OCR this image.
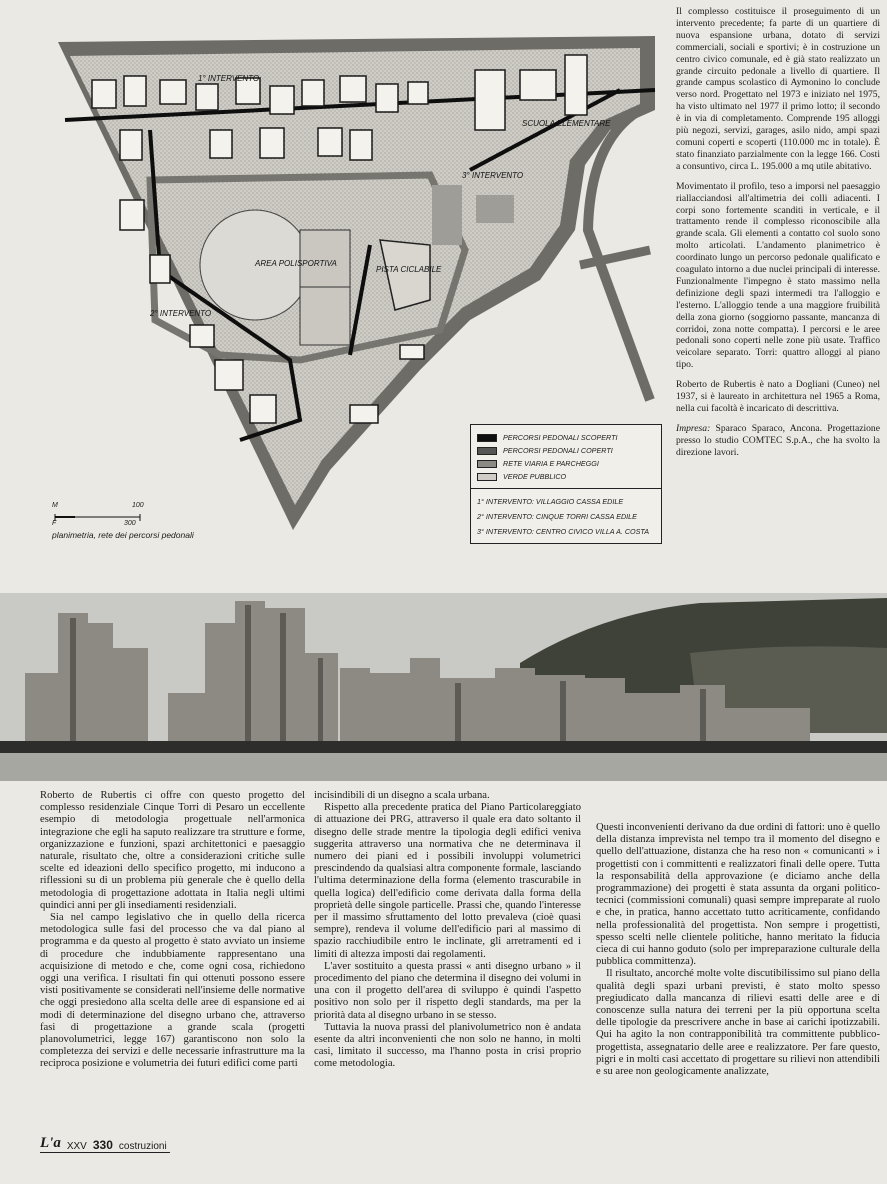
1° INTERVENTO
2° INTERVENTO
3° INTERVENTO
SCUOLA ELEMENTARE
AREA POLISPORTIVA
PISTA CICLABILE
PERCORSI PEDONALI SCOPERTI
PERCORSI PEDONALI COPERTI
RETE VIARIA E PARCHEGGI
VERDE PUBBLICO
1° INTERVENTO: VILLAGGIO CASSA EDILE
2° INTERVENTO: CINQUE TORRI CASSA EDILE
3° INTERVENTO: CENTRO CIVICO VILLA A. COSTA
M
F
100
300
planimetria, rete dei percorsi pedonali

Il complesso costituisce il proseguimento di un intervento precedente; fa parte di un quartiere di nuova espansione urbana, dotato di servizi commerciali, sociali e sportivi; è in costruzione un centro civico comunale, ed è già stato realizzato un grande circuito pedonale a livello di quartiere. Il grande campus scolastico di Aymonino lo conclude verso nord. Progettato nel 1973 e iniziato nel 1975, ha visto ultimato nel 1977 il primo lotto; il secondo è in via di completamento. Comprende 195 alloggi più negozi, servizi, garages, asilo nido, ampi spazi comuni coperti e scoperti (110.000 mc in totale). È stato finanziato parzialmente con la legge 166. Costi a consuntivo, circa L. 195.000 a mq utile abitativo.

Movimentato il profilo, teso a imporsi nel paesaggio riallacciandosi all'altimetria dei colli adiacenti. I corpi sono fortemente scanditi in verticale, e il trattamento rende il complesso riconoscibile alla grande scala. Gli elementi a contatto col suolo sono molto articolati. L'andamento planimetrico è coordinato lungo un percorso pedonale qualificato e coagulato intorno a due nuclei principali di interesse. Funzionalmente l'impegno è stato massimo nella definizione degli spazi intermedi tra l'alloggio e l'esterno. L'alloggio tende a una maggiore fruibilità della zona giorno (soggiorno passante, mancanza di corridoi, zona notte compatta). I percorsi e le aree pedonali sono coperti nelle zone più usate. Traffico veicolare separato. Torri: quattro alloggi al piano tipo.

Roberto de Rubertis è nato a Dogliani (Cuneo) nel 1937, si è laureato in architettura nel 1965 a Roma, nella cui facoltà è incaricato di descrittiva.

Impresa: Sparaco Sparaco, Ancona. Progettazione presso lo studio COMTEC S.p.A., che ha svolto la direzione lavori.

Roberto de Rubertis ci offre con questo progetto del complesso residenziale Cinque Torri di Pesaro un eccellente esempio di metodologia progettuale nell'armonica integrazione che egli ha saputo realizzare tra strutture e forme, organizzazione e funzioni, spazi architettonici e paesaggio naturale, risultato che, oltre a considerazioni critiche sulle scelte ed ideazioni dello specifico progetto, mi inducono a riflessioni su di un problema più generale che è quello della metodologia di progettazione adottata in Italia negli ultimi quindici anni per gli insediamenti residenziali.

Sia nel campo legislativo che in quello della ricerca metodologica sulle fasi del processo che va dal piano al programma e da questo al progetto è stato avviato un insieme di procedure che indubbiamente rappresentano una acquisizione di metodo e che, come ogni cosa, richiedono oggi una verifica. I risultati fin qui ottenuti possono essere visti positivamente se considerati nell'insieme delle normative che oggi presiedono alla scelta delle aree di espansione ed ai modi di determinazione del disegno urbano che, attraverso fasi di progettazione a grande scala (progetti planovolumetrici, legge 167) garantiscono non solo la completezza dei servizi e delle necessarie infrastrutture ma la reciproca posizione e volumetria dei futuri edifici come parti

incisindibili di un disegno a scala urbana.

Rispetto alla precedente pratica del Piano Particolareggiato di attuazione dei PRG, attraverso il quale era dato soltanto il disegno delle strade mentre la tipologia degli edifici veniva suggerita attraverso una normativa che ne determinava il numero dei piani ed i possibili involuppi volumetrici prescindendo da qualsiasi altra componente formale, lasciando l'ultima determinazione della forma (elemento trascurabile in quella logica) dell'edificio come derivata dalla forma della proprietà delle singole particelle. Prassi che, quando l'interesse per il massimo sfruttamento del lotto prevaleva (cioè quasi sempre), rendeva il volume dell'edificio pari al massimo di spazio racchiudibile entro le inclinate, gli arretramenti ed i limiti di altezza imposti dai regolamenti.

L'aver sostituito a questa prassi « anti disegno urbano » il procedimento del piano che determina il disegno dei volumi in una con il progetto dell'area di sviluppo è quindi l'aspetto positivo non solo per il rispetto degli standards, ma per la priorità data al disegno urbano in se stesso.

Tuttavia la nuova prassi del planivolumetrico non è andata esente da altri inconvenienti che non solo ne hanno, in molti casi, limitato il successo, ma l'hanno posta in crisi proprio come metodologia.

Questi inconvenienti derivano da due ordini di fattori: uno è quello della distanza imprevista nel tempo tra il momento del disegno e quello dell'attuazione, distanza che ha reso non « comunicanti » i progettisti con i committenti e realizzatori finali delle opere. Tutta la responsabilità della approvazione (e diciamo anche della programmazione) dei progetti è stata assunta da organi politico-tecnici (commissioni comunali) quasi sempre impreparate al ruolo e che, in pratica, hanno accettato tutto acriticamente, confidando nella professionalità del progettista. Non sempre i progettisti, spesso scelti nelle clientele politiche, hanno meritato la fiducia cieca di cui hanno goduto (solo per impreparazione culturale della pubblica committenza).

Il risultato, ancorché molte volte discutibilissimo sul piano della qualità degli spazi urbani previsti, è stato molto spesso pregiudicato dalla mancanza di rilievi esatti delle aree e di conoscenze sulla natura dei terreni per la più opportuna scelta delle tipologie da prescrivere anche in base ai carichi ipotizzabili. Qui ha agito la non contrapponibilità tra committente pubblico-progettista, assegnatario delle aree e realizzatore. Per fare questo, pigri e in molti casi accettato di progettare su rilievi non attendibili e su aree non geologicamente analizzate,

L'a XXV 330 costruzioni
